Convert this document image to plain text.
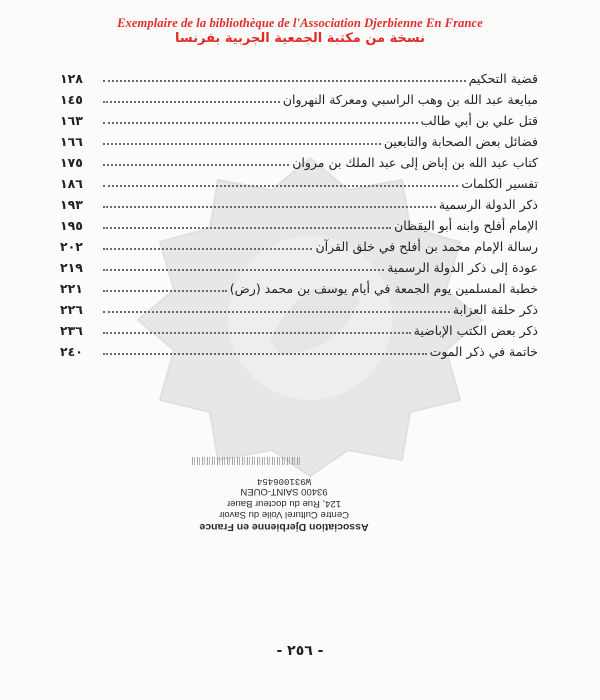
Exemplaire de la bibliothèque de l'Association Djerbienne En France
نسخة من مكتبة الجمعية الجربية بفرنسا
قضية التحكيم
١٢٨
مبايعة عبد الله بن وهب الراسبي ومعركة النهروان
١٤٥
قتل علي بن أبي طالب
١٦٣
فضائل بعض الصحابة والتابعين
١٦٦
كتاب عبد الله بن إباض إلى عبد الملك بن مروان
١٧٥
تفسير الكلمات
١٨٦
ذكر الدولة الرسمية
١٩٣
الإمام أفلح وابنه أبو اليقظان
١٩٥
رسالة الإمام محمد بن أفلح في خلق القرآن
٢٠٢
عودة إلى ذكر الدولة الرسمية
٢١٩
خطبة المسلمين يوم الجمعة في أيام يوسف بن محمد (رض)
٢٢١
ذكر حلقة العزابة
٢٢٦
ذكر بعض الكتب الإباضية
٢٣٦
خاتمة في ذكر الموت
٢٤٠
Association Djerbienne en France
Centre Culturel Voile du Savoir
124, Rue du docteur Bauer
93400 SAINT-OUEN
W931006454
- ٢٥٦ -
